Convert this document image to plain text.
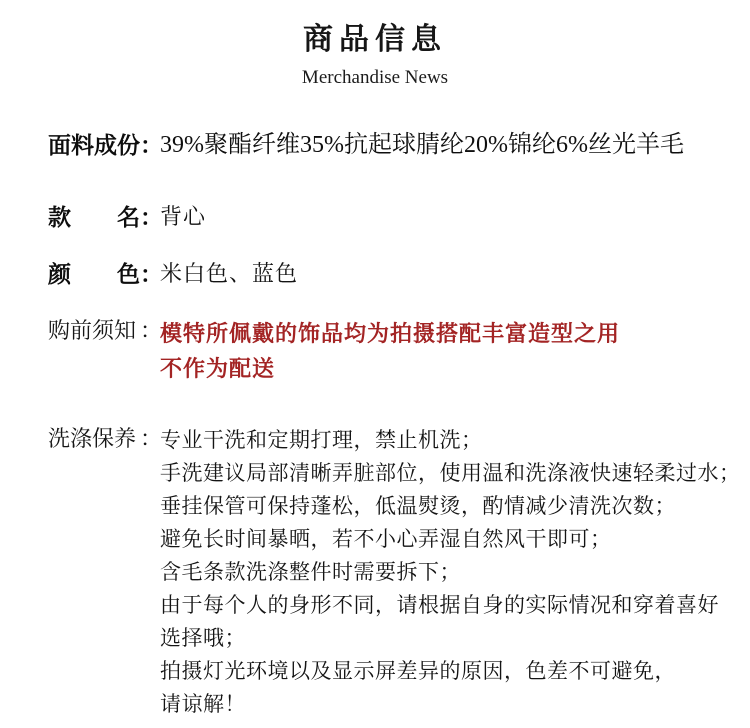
商品信息
Merchandise News
面料成份 ：
39%聚酯纤维35%抗起球腈纶20%锦纶6%丝光羊毛
款 名 ：
背心
颜 色 ：
米白色、蓝色
购前须知 ：
模特所佩戴的饰品均为拍摄搭配丰富造型之用
不作为配送
洗涤保养 ：
专业干洗和定期打理，禁止机洗；
手洗建议局部清晰弄脏部位，使用温和洗涤液快速轻柔过水；
垂挂保管可保持蓬松，低温熨烫，酌情减少清洗次数；
避免长时间暴晒，若不小心弄湿自然风干即可；
含毛条款洗涤整件时需要拆下；
由于每个人的身形不同，请根据自身的实际情况和穿着喜好
选择哦；
拍摄灯光环境以及显示屏差异的原因，色差不可避免，
请谅解！
